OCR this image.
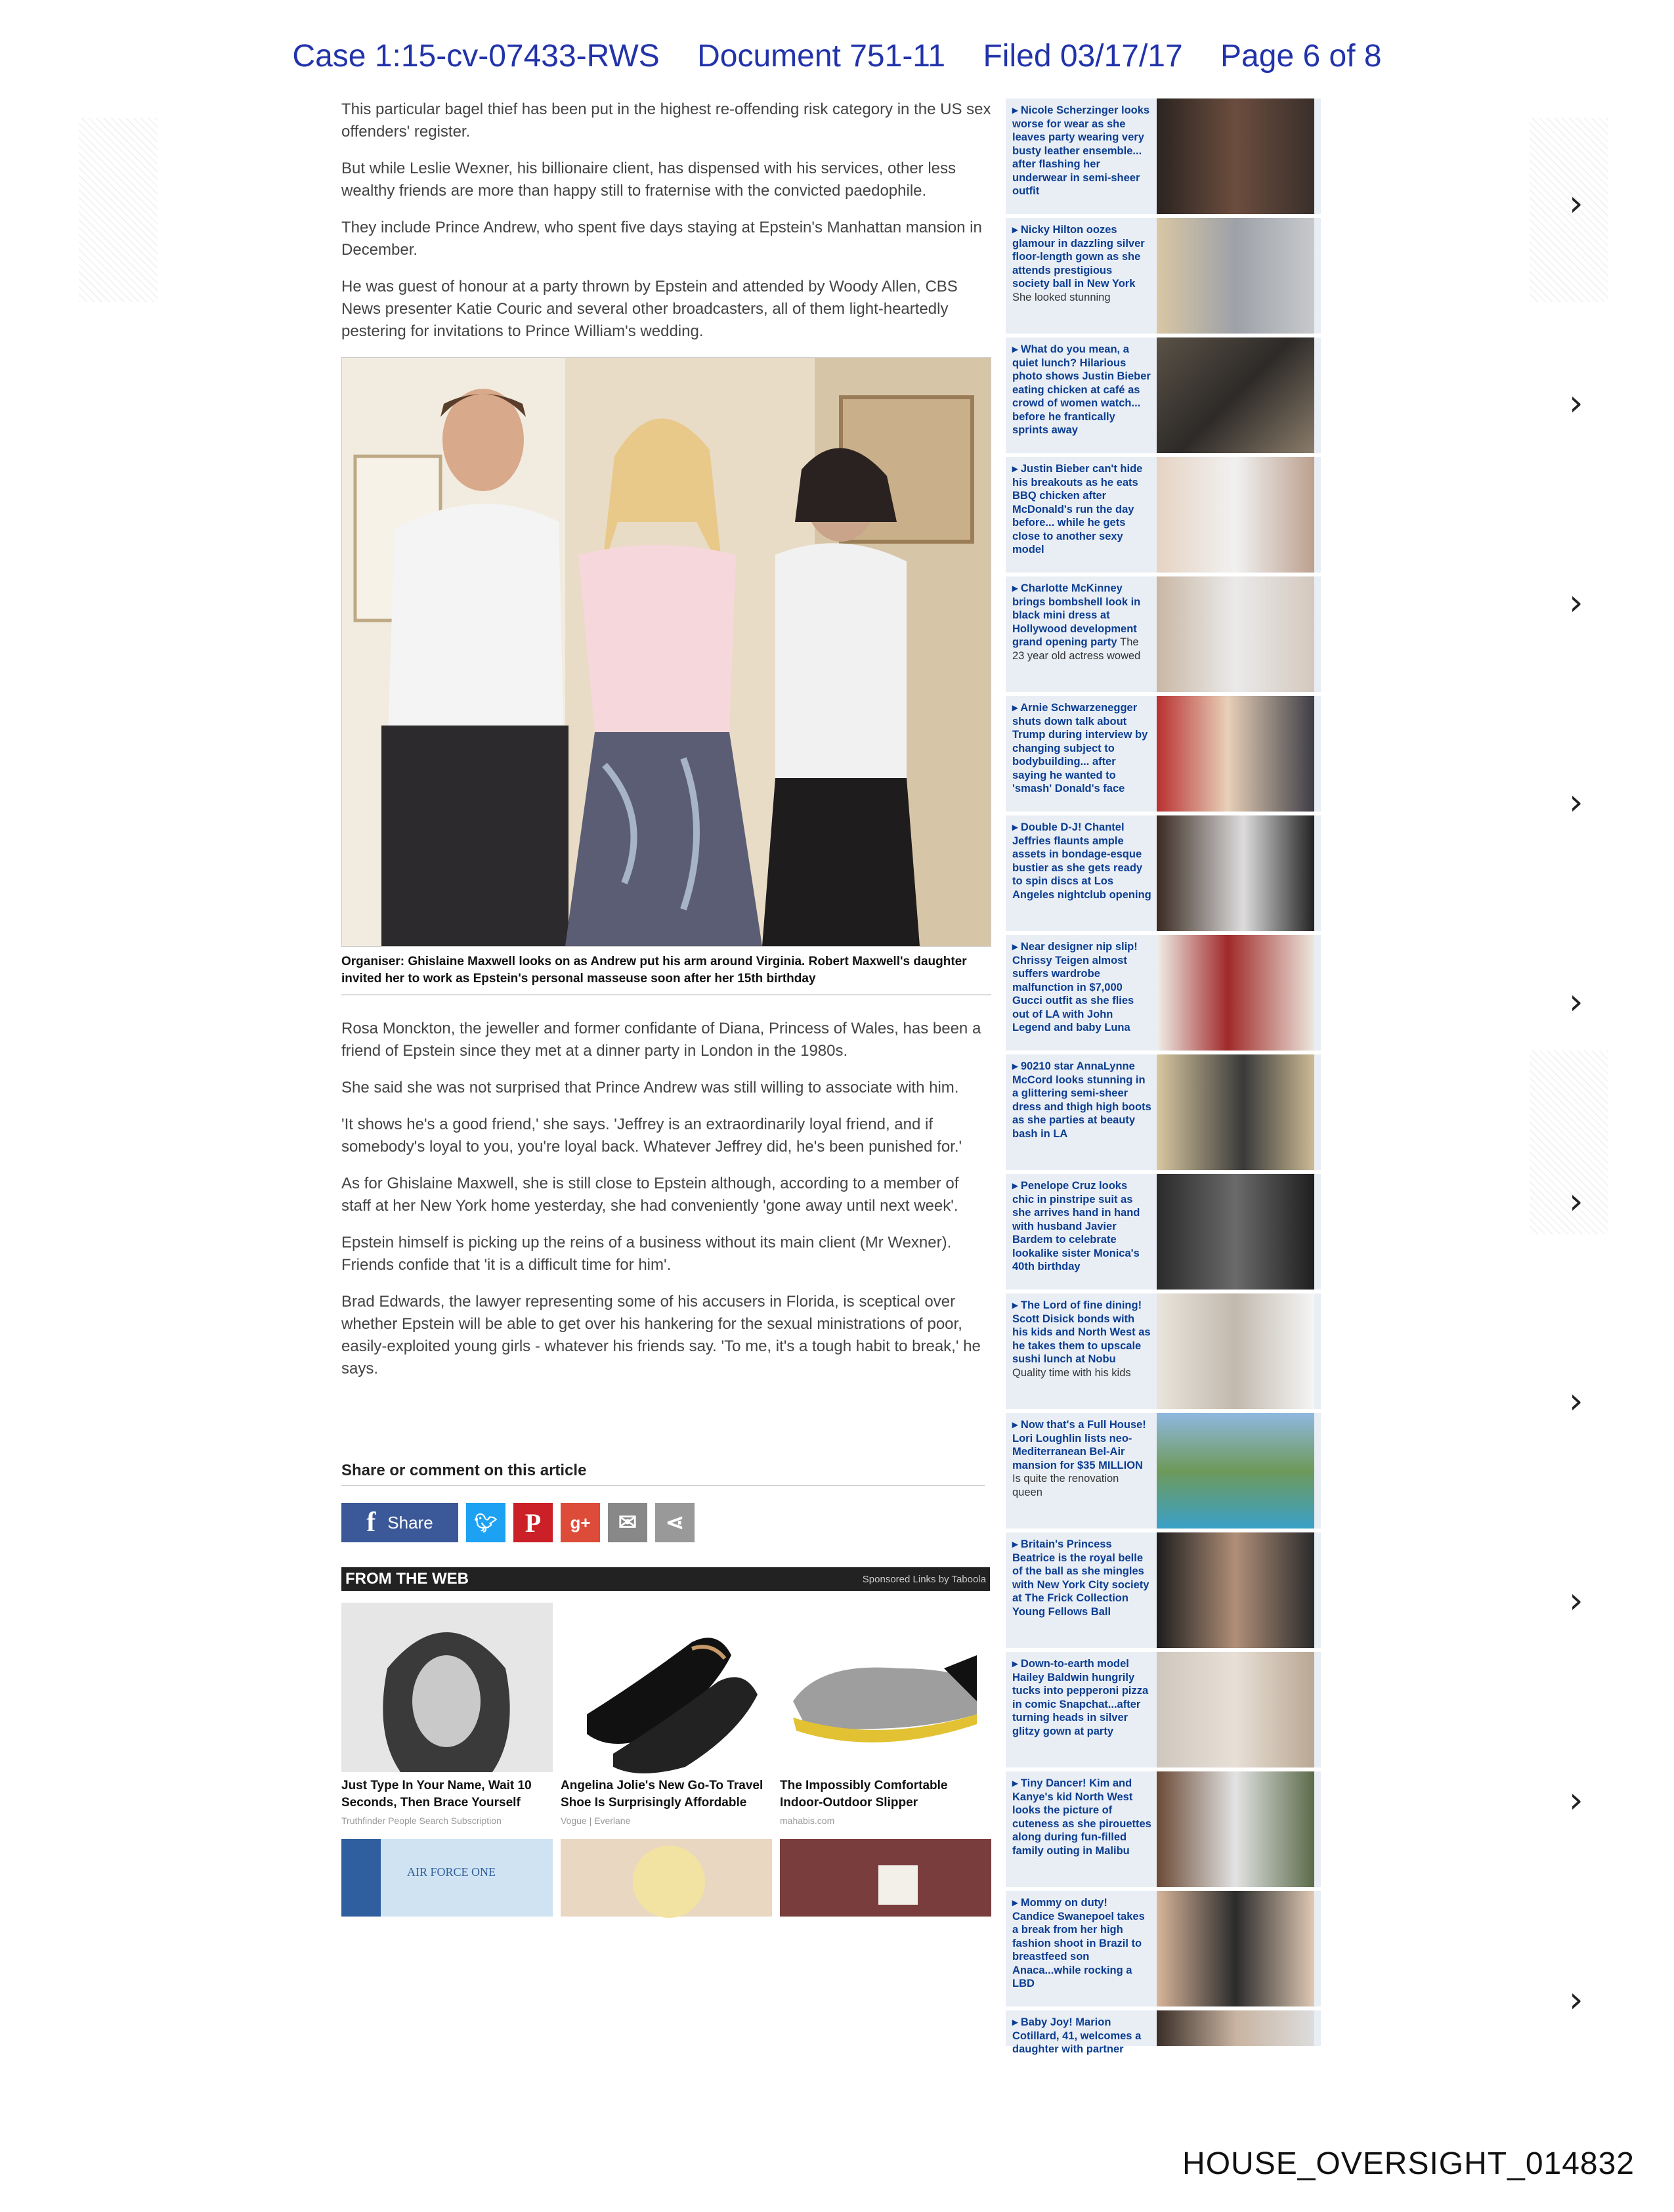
Case 1:15-cv-07433-RWS Document 751-11 Filed 03/17/17 Page 6 of 8

This particular bagel thief has been put in the highest re-offending risk category in the US sex offenders' register.

But while Leslie Wexner, his billionaire client, has dispensed with his services, other less wealthy friends are more than happy still to fraternise with the convicted paedophile.

They include Prince Andrew, who spent five days staying at Epstein's Manhattan mansion in December.

He was guest of honour at a party thrown by Epstein and attended by Woody Allen, CBS News presenter Katie Couric and several other broadcasters, all of them light-heartedly pestering for invitations to Prince William's wedding.

Organiser: Ghislaine Maxwell looks on as Andrew put his arm around Virginia. Robert Maxwell's daughter invited her to work as Epstein's personal masseuse soon after her 15th birthday

Rosa Monckton, the jeweller and former confidante of Diana, Princess of Wales, has been a friend of Epstein since they met at a dinner party in London in the 1980s.

She said she was not surprised that Prince Andrew was still willing to associate with him.

'It shows he's a good friend,' she says. 'Jeffrey is an extraordinarily loyal friend, and if somebody's loyal to you, you're loyal back. Whatever Jeffrey did, he's been punished for.'

As for Ghislaine Maxwell, she is still close to Epstein although, according to a member of staff at her New York home yesterday, she had conveniently 'gone away until next week'.

Epstein himself is picking up the reins of a business without its main client (Mr Wexner). Friends confide that 'it is a difficult time for him'.

Brad Edwards, the lawyer representing some of his accusers in Florida, is sceptical over whether Epstein will be able to get over his hankering for the sexual ministrations of poor, easily-exploited young girls - whatever his friends say. 'To me, it's a tough habit to break,' he says.

Share or comment on this article
f Share 🐦︎ P g+ ✉ ⋖
FROM THE WEB	Sponsored Links by Taboola
Just Type In Your Name, Wait 10 Seconds, Then Brace Yourself
Truthfinder People Search Subscription
Angelina Jolie's New Go-To Travel Shoe Is Surprisingly Affordable
Vogue | Everlane
The Impossibly Comfortable Indoor-Outdoor Slipper
mahabis.com
AIR FORCE ONE
▸ Nicole Scherzinger looks worse for wear as she leaves party wearing very busty leather ensemble... after flashing her underwear in semi-sheer outfit
▸ Nicky Hilton oozes glamour in dazzling silver floor-length gown as she attends prestigious society ball in New York She looked stunning
▸ What do you mean, a quiet lunch? Hilarious photo shows Justin Bieber eating chicken at café as crowd of women watch... before he frantically sprints away
▸ Justin Bieber can't hide his breakouts as he eats BBQ chicken after McDonald's run the day before... while he gets close to another sexy model
▸ Charlotte McKinney brings bombshell look in black mini dress at Hollywood development grand opening party The 23 year old actress wowed
▸ Arnie Schwarzenegger shuts down talk about Trump during interview by changing subject to bodybuilding... after saying he wanted to 'smash' Donald's face
▸ Double D-J! Chantel Jeffries flaunts ample assets in bondage-esque bustier as she gets ready to spin discs at Los Angeles nightclub opening
▸ Near designer nip slip! Chrissy Teigen almost suffers wardrobe malfunction in $7,000 Gucci outfit as she flies out of LA with John Legend and baby Luna
▸ 90210 star AnnaLynne McCord looks stunning in a glittering semi-sheer dress and thigh high boots as she parties at beauty bash in LA
▸ Penelope Cruz looks chic in pinstripe suit as she arrives hand in hand with husband Javier Bardem to celebrate lookalike sister Monica's 40th birthday
▸ The Lord of fine dining! Scott Disick bonds with his kids and North West as he takes them to upscale sushi lunch at Nobu Quality time with his kids
▸ Now that's a Full House! Lori Loughlin lists neo-Mediterranean Bel-Air mansion for $35 MILLION Is quite the renovation queen
▸ Britain's Princess Beatrice is the royal belle of the ball as she mingles with New York City society at The Frick Collection Young Fellows Ball
▸ Down-to-earth model Hailey Baldwin hungrily tucks into pepperoni pizza in comic Snapchat...after turning heads in silver glitzy gown at party
▸ Tiny Dancer! Kim and Kanye's kid North West looks the picture of cuteness as she pirouettes along during fun-filled family outing in Malibu
▸ Mommy on duty! Candice Swanepoel takes a break from her high fashion shoot in Brazil to breastfeed son Anaca...while rocking a LBD
▸ Baby Joy! Marion Cotillard, 41, welcomes a daughter with partner
›
›
›
›
›
›
›
›
›
›
HOUSE_OVERSIGHT_014832
